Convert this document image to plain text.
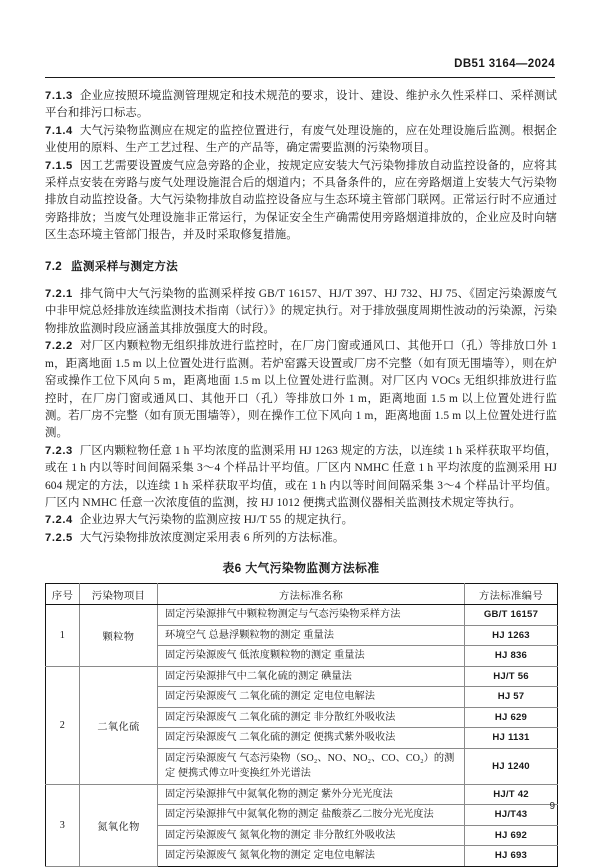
DB51 3164—2024

7.1.3 企业应按照环境监测管理规定和技术规范的要求，设计、建设、维护永久性采样口、采样测试平台和排污口标志。

7.1.4 大气污染物监测应在规定的监控位置进行，有废气处理设施的，应在处理设施后监测。根据企业使用的原料、生产工艺过程、生产的产品等，确定需要监测的污染物项目。

7.1.5 因工艺需要设置废气应急旁路的企业，按规定应安装大气污染物排放自动监控设备的，应将其采样点安装在旁路与废气处理设施混合后的烟道内；不具备条件的，应在旁路烟道上安装大气污染物排放自动监控设备。大气污染物排放自动监控设备应与生态环境主管部门联网。正常运行时不应通过旁路排放；当废气处理设施非正常运行，为保证安全生产确需使用旁路烟道排放的，企业应及时向辖区生态环境主管部门报告，并及时采取修复措施。

7.2 监测采样与测定方法

7.2.1 排气筒中大气污染物的监测采样按 GB/T 16157、HJ/T 397、HJ 732、HJ 75、《固定污染源废气中非甲烷总烃排放连续监测技术指南（试行）》的规定执行。对于排放强度周期性波动的污染源，污染物排放监测时段应涵盖其排放强度大的时段。

7.2.2 对厂区内颗粒物无组织排放进行监控时，在厂房门窗或通风口、其他开口（孔）等排放口外 1 m，距离地面 1.5 m 以上位置处进行监测。若炉窑露天设置或厂房不完整（如有顶无围墙等），则在炉窑或操作工位下风向 5 m，距离地面 1.5 m 以上位置处进行监测。对厂区内 VOCs 无组织排放进行监控时，在厂房门窗或通风口、其他开口（孔）等排放口外 1 m，距离地面 1.5 m 以上位置处进行监测。若厂房不完整（如有顶无围墙等），则在操作工位下风向 1 m，距离地面 1.5 m 以上位置处进行监测。

7.2.3 厂区内颗粒物任意 1 h 平均浓度的监测采用 HJ 1263 规定的方法，以连续 1 h 采样获取平均值，或在 1 h 内以等时间间隔采集 3～4 个样品计平均值。厂区内 NMHC 任意 1 h 平均浓度的监测采用 HJ 604 规定的方法，以连续 1 h 采样获取平均值，或在 1 h 内以等时间间隔采集 3～4 个样品计平均值。厂区内 NMHC 任意一次浓度值的监测，按 HJ 1012 便携式监测仪器相关监测技术规定等执行。

7.2.4 企业边界大气污染物的监测应按 HJ/T 55 的规定执行。

7.2.5 大气污染物排放浓度测定采用表 6 所列的方法标准。

表6 大气污染物监测方法标准
序号	污染物项目	方法标准名称	方法标准编号
1	颗粒物	固定污染源排气中颗粒物测定与气态污染物采样方法	GB/T 16157
		环境空气 总悬浮颗粒物的测定 重量法	HJ 1263
		固定污染源废气 低浓度颗粒物的测定 重量法	HJ 836
2	二氧化硫	固定污染源排气中二氧化硫的测定 碘量法	HJ/T 56
		固定污染源废气 二氧化硫的测定 定电位电解法	HJ 57
		固定污染源废气 二氧化硫的测定 非分散红外吸收法	HJ 629
		固定污染源废气 二氧化硫的测定 便携式紫外吸收法	HJ 1131
		固定污染源废气 气态污染物（SO₂、NO、NO₂、CO、CO₂）的测定 便携式傅立叶变换红外光谱法	HJ 1240
3	氮氧化物	固定污染源排气中氮氧化物的测定 紫外分光光度法	HJ/T 42
		固定污染源排气中氮氧化物的测定 盐酸萘乙二胺分光光度法	HJ/T43
		固定污染源废气 氮氧化物的测定 非分散红外吸收法	HJ 692
		固定污染源废气 氮氧化物的测定 定电位电解法	HJ 693
9
